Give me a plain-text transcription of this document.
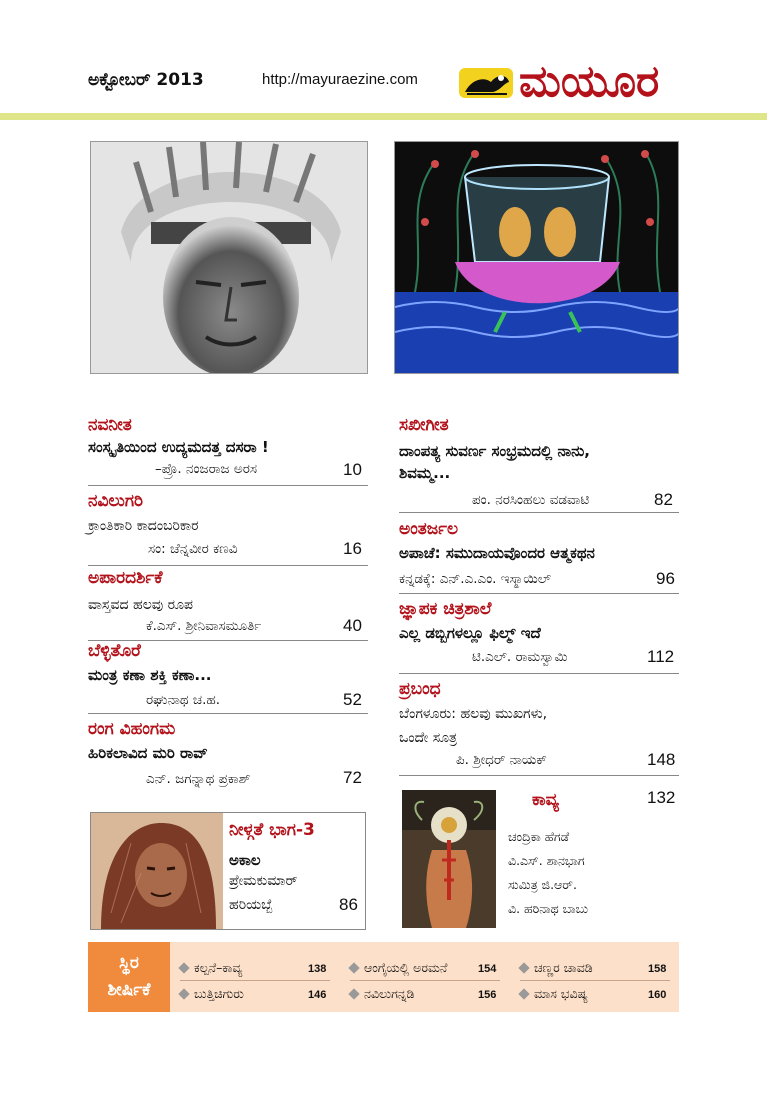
ಅಕ್ಟೋಬರ್ 2013	http://mayuraezine.com ಮಯೂರ
ನವನೀತ
ಸಂಸ್ಕೃತಿಯಿಂದ ಉದ್ಯಮದತ್ತ ದಸರಾ !
–ಪ್ರೊ. ನಂಜರಾಜ ಅರಸ	10
ನವಿಲುಗರಿ
ಕ್ರಾಂತಿಕಾರಿ ಕಾದಂಬರಿಕಾರ
ಸಂ: ಚೆನ್ನವೀರ ಕಣವಿ	16
ಅಪಾರದರ್ಶಿಕೆ
ವಾಸ್ತವದ ಹಲವು ರೂಪ
ಕೆ.ಎಸ್. ಶ್ರೀನಿವಾಸಮೂರ್ತಿ	40
ಬೆಳ್ಳಿತೊರೆ
ಮಂತ್ರ ಕಣಾ ಶಕ್ತಿ ಕಣಾ...
ರಘುನಾಥ ಚ.ಹ.	52
ರಂಗ ವಿಹಂಗಮ
ಹಿರಿಕಲಾವಿದ ಮರಿ ರಾವ್
ಎನ್. ಜಗನ್ನಾಥ ಪ್ರಕಾಶ್	72
ನೀಳ್ಗತೆ ಭಾಗ-3
ಅಕಾಲ
ಪ್ರೇಮಕುಮಾರ್
ಹರಿಯಬ್ಬೆ	86
ಸಖೀಗೀತ
ದಾಂಪತ್ಯ ಸುವರ್ಣ ಸಂಭ್ರಮದಲ್ಲಿ ನಾನು,
ಶಿವಮ್ಮ...
ಪಂ. ನರಸಿಂಹಲು ವಡವಾಟಿ	82
ಅಂತರ್ಜಲ
ಅಪಾಚೆ: ಸಮುದಾಯವೊಂದರ ಆತ್ಮಕಥನ
ಕನ್ನಡಕ್ಕೆ: ಎನ್.ಎ.ಎಂ. ಇಸ್ಮಾಯಿಲ್	96
ಜ್ಞಾಪಕ ಚಿತ್ರಶಾಲೆ
ಎಲ್ಲ ಡಬ್ಬಿಗಳಲ್ಲೂ ಫಿಲ್ಮ್ ಇದೆ
ಟಿ.ಎಲ್. ರಾಮಸ್ವಾಮಿ	112
ಪ್ರಬಂಧ
ಬೆಂಗಳೂರು: ಹಲವು ಮುಖಗಳು,
ಒಂದೇ ಸೂತ್ರ
ಪಿ. ಶ್ರೀಧರ್ ನಾಯಕ್	148
ಕಾವ್ಯ	132
ಚಂದ್ರಿಕಾ ಹೆಗಡೆ
ವಿ.ಎಸ್. ಶಾನಭಾಗ
ಸುಮಿತ್ರ ಜಿ.ಆರ್.
ವಿ. ಹರಿನಾಥ ಬಾಬು
ಸ್ಥಿರ
ಶೀರ್ಷಿಕೆ
ಕಲ್ಪನೆ–ಕಾವ್ಯ	138	ಆಂಗೈಯಲ್ಲಿ ಅರಮನೆ	154	ಚಣ್ಣರ ಚಾವಡಿ	158
ಬುತ್ತಿಚಿಗುರು	146	ನವಿಲುಗನ್ನಡಿ	156	ಮಾಸ ಭವಿಷ್ಯ	160
